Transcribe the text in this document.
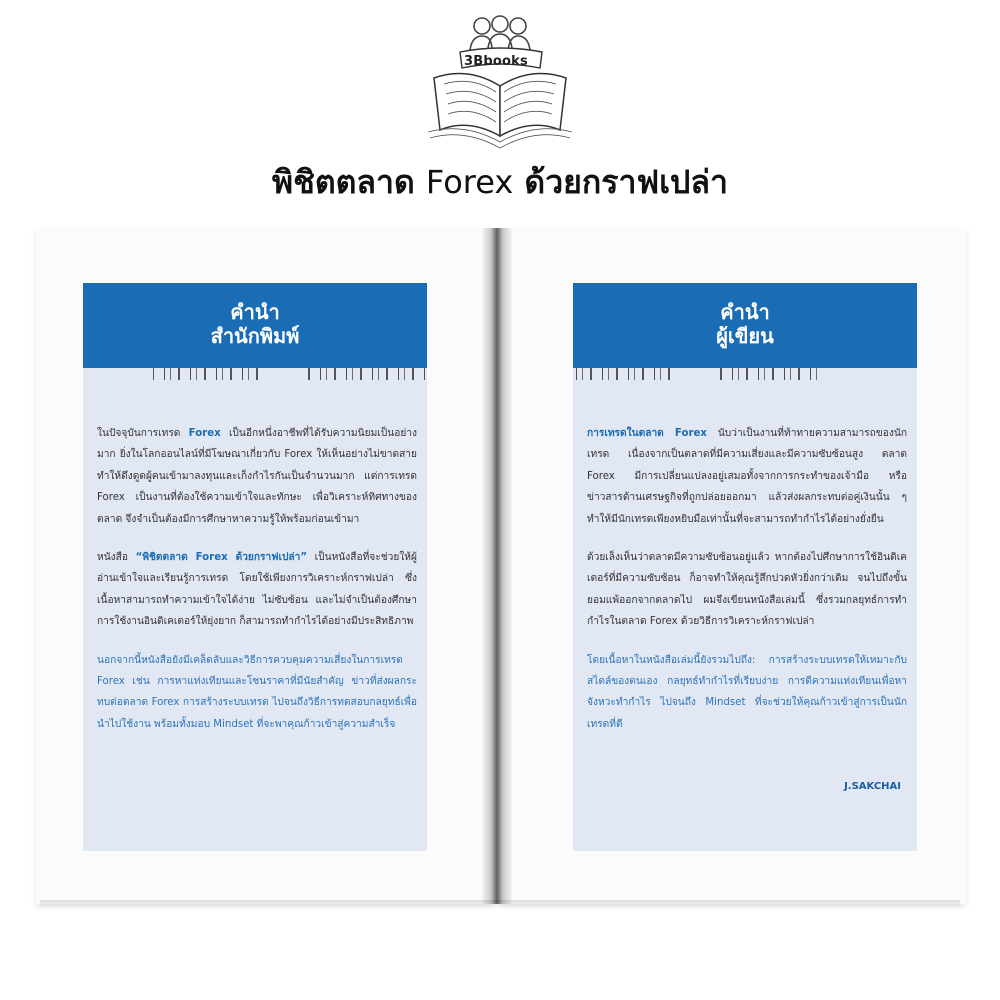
3Bbooks
พิชิตตลาด Forex ด้วยกราฟเปล่า
คำนำ
สำนักพิมพ์

ในปัจจุบันการเทรด Forex เป็นอีกหนึ่งอาชีพที่ได้รับความนิยมเป็นอย่างมาก ยิ่งในโลกออนไลน์ที่มีโฆษณาเกี่ยวกับ Forex ให้เห็นอย่างไม่ขาดสาย ทำให้ดึงดูดผู้คนเข้ามาลงทุนและเก็งกำไรกันเป็นจำนวนมาก แต่การเทรด Forex เป็นงานที่ต้องใช้ความเข้าใจและทักษะ เพื่อวิเคราะห์ทิศทางของตลาด จึงจำเป็นต้องมีการศึกษาหาความรู้ให้พร้อมก่อนเข้ามา

หนังสือ “พิชิตตลาด Forex ด้วยกราฟเปล่า” เป็นหนังสือที่จะช่วยให้ผู้อ่านเข้าใจและเรียนรู้การเทรด โดยใช้เพียงการวิเคราะห์กราฟเปล่า ซึ่งเนื้อหาสามารถทำความเข้าใจได้ง่าย ไม่ซับซ้อน และไม่จำเป็นต้องศึกษาการใช้งานอินดิเคเตอร์ให้ยุ่งยาก ก็สามารถทำกำไรได้อย่างมีประสิทธิภาพ

นอกจากนี้หนังสือยังมีเคล็ดลับและวิธีการควบคุมความเสี่ยงในการเทรด Forex เช่น การหาแท่งเทียนและโซนราคาที่มีนัยสำคัญ ข่าวที่ส่งผลกระทบต่อตลาด Forex การสร้างระบบเทรด ไปจนถึงวิธีการทดสอบกลยุทธ์เพื่อนำไปใช้งาน พร้อมทั้งมอบ Mindset ที่จะพาคุณก้าวเข้าสู่ความสำเร็จ

คำนำ
ผู้เขียน

การเทรดในตลาด Forex นับว่าเป็นงานที่ท้าทายความสามารถของนักเทรด เนื่องจากเป็นตลาดที่มีความเสี่ยงและมีความซับซ้อนสูง ตลาด Forex มีการเปลี่ยนแปลงอยู่เสมอทั้งจากการกระทำของเจ้ามือ หรือข่าวสารด้านเศรษฐกิจที่ถูกปล่อยออกมา แล้วส่งผลกระทบต่อคู่เงินนั้น ๆ ทำให้มีนักเทรดเพียงหยิบมือเท่านั้นที่จะสามารถทำกำไรได้อย่างยั่งยืน

ด้วยเล็งเห็นว่าตลาดมีความซับซ้อนอยู่แล้ว หากต้องไปศึกษาการใช้อินดิเคเตอร์ที่มีความซับซ้อน ก็อาจทำให้คุณรู้สึกปวดหัวยิ่งกว่าเดิม จนไปถึงขั้นยอมแพ้ออกจากตลาดไป ผมจึงเขียนหนังสือเล่มนี้ ซึ่งรวมกลยุทธ์การทำกำไรในตลาด Forex ด้วยวิธีการวิเคราะห์กราฟเปล่า

โดยเนื้อหาในหนังสือเล่มนี้ยังรวมไปถึง: การสร้างระบบเทรดให้เหมาะกับสไตล์ของตนเอง กลยุทธ์ทำกำไรที่เรียบง่าย การดีความแท่งเทียนเพื่อหาจังหวะทำกำไร ไปจนถึง Mindset ที่จะช่วยให้คุณก้าวเข้าสู่การเป็นนักเทรดที่ดี

J.SAKCHAI
